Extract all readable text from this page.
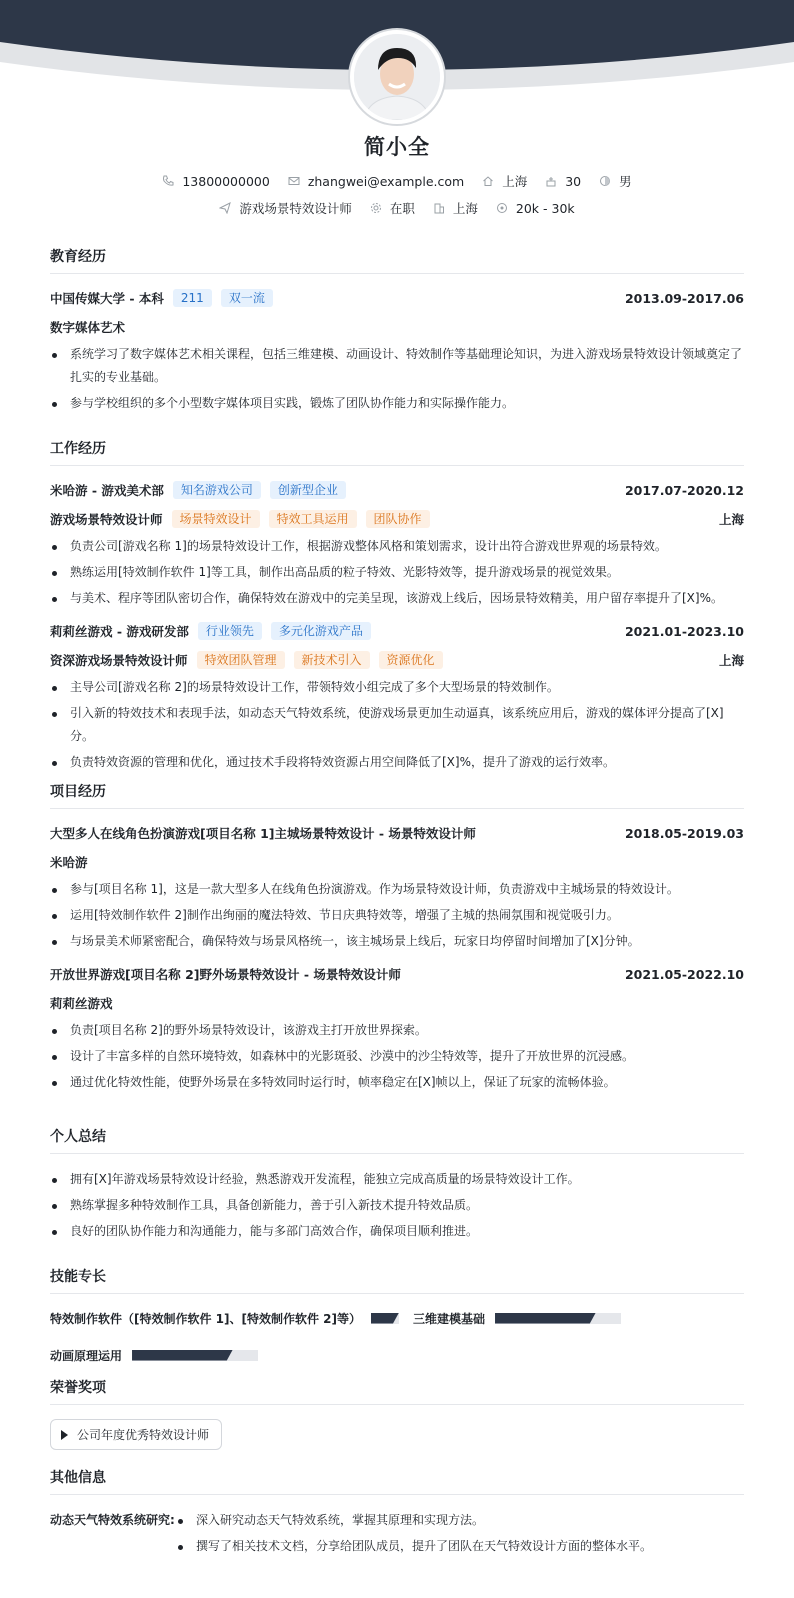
简小全
13800000000	zhangwei@example.com	上海	30	男
游戏场景特效设计师	在职	上海	20k - 30k
教育经历
中国传媒大学 - 本科	211	双一流	2013.09-2017.06
数字媒体艺术
系统学习了数字媒体艺术相关课程，包括三维建模、动画设计、特效制作等基础理论知识，为进入游戏场景特效设计领域奠定了扎实的专业基础。
参与学校组织的多个小型数字媒体项目实践，锻炼了团队协作能力和实际操作能力。
工作经历
米哈游 - 游戏美术部	知名游戏公司	创新型企业	2017.07-2020.12
游戏场景特效设计师	场景特效设计	特效工具运用	团队协作	上海
负责公司[游戏名称 1]的场景特效设计工作，根据游戏整体风格和策划需求，设计出符合游戏世界观的场景特效。
熟练运用[特效制作软件 1]等工具，制作出高品质的粒子特效、光影特效等，提升游戏场景的视觉效果。
与美术、程序等团队密切合作，确保特效在游戏中的完美呈现，该游戏上线后，因场景特效精美，用户留存率提升了[X]%。
莉莉丝游戏 - 游戏研发部	行业领先	多元化游戏产品	2021.01-2023.10
资深游戏场景特效设计师	特效团队管理	新技术引入	资源优化	上海
主导公司[游戏名称 2]的场景特效设计工作，带领特效小组完成了多个大型场景的特效制作。
引入新的特效技术和表现手法，如动态天气特效系统，使游戏场景更加生动逼真，该系统应用后，游戏的媒体评分提高了[X]分。
负责特效资源的管理和优化，通过技术手段将特效资源占用空间降低了[X]%，提升了游戏的运行效率。
项目经历
大型多人在线角色扮演游戏[项目名称 1]主城场景特效设计 - 场景特效设计师	2018.05-2019.03
米哈游
参与[项目名称 1]，这是一款大型多人在线角色扮演游戏。作为场景特效设计师，负责游戏中主城场景的特效设计。
运用[特效制作软件 2]制作出绚丽的魔法特效、节日庆典特效等，增强了主城的热闹氛围和视觉吸引力。
与场景美术师紧密配合，确保特效与场景风格统一，该主城场景上线后，玩家日均停留时间增加了[X]分钟。
开放世界游戏[项目名称 2]野外场景特效设计 - 场景特效设计师	2021.05-2022.10
莉莉丝游戏
负责[项目名称 2]的野外场景特效设计，该游戏主打开放世界探索。
设计了丰富多样的自然环境特效，如森林中的光影斑驳、沙漠中的沙尘特效等，提升了开放世界的沉浸感。
通过优化特效性能，使野外场景在多特效同时运行时，帧率稳定在[X]帧以上，保证了玩家的流畅体验。
个人总结
拥有[X]年游戏场景特效设计经验，熟悉游戏开发流程，能独立完成高质量的场景特效设计工作。
熟练掌握多种特效制作工具，具备创新能力，善于引入新技术提升特效品质。
良好的团队协作能力和沟通能力，能与多部门高效合作，确保项目顺利推进。
技能专长
特效制作软件（[特效制作软件 1]、[特效制作软件 2]等）	三维建模基础
动画原理运用
荣誉奖项
公司年度优秀特效设计师
其他信息
动态天气特效系统研究:	深入研究动态天气特效系统，掌握其原理和实现方法。
撰写了相关技术文档，分享给团队成员，提升了团队在天气特效设计方面的整体水平。
